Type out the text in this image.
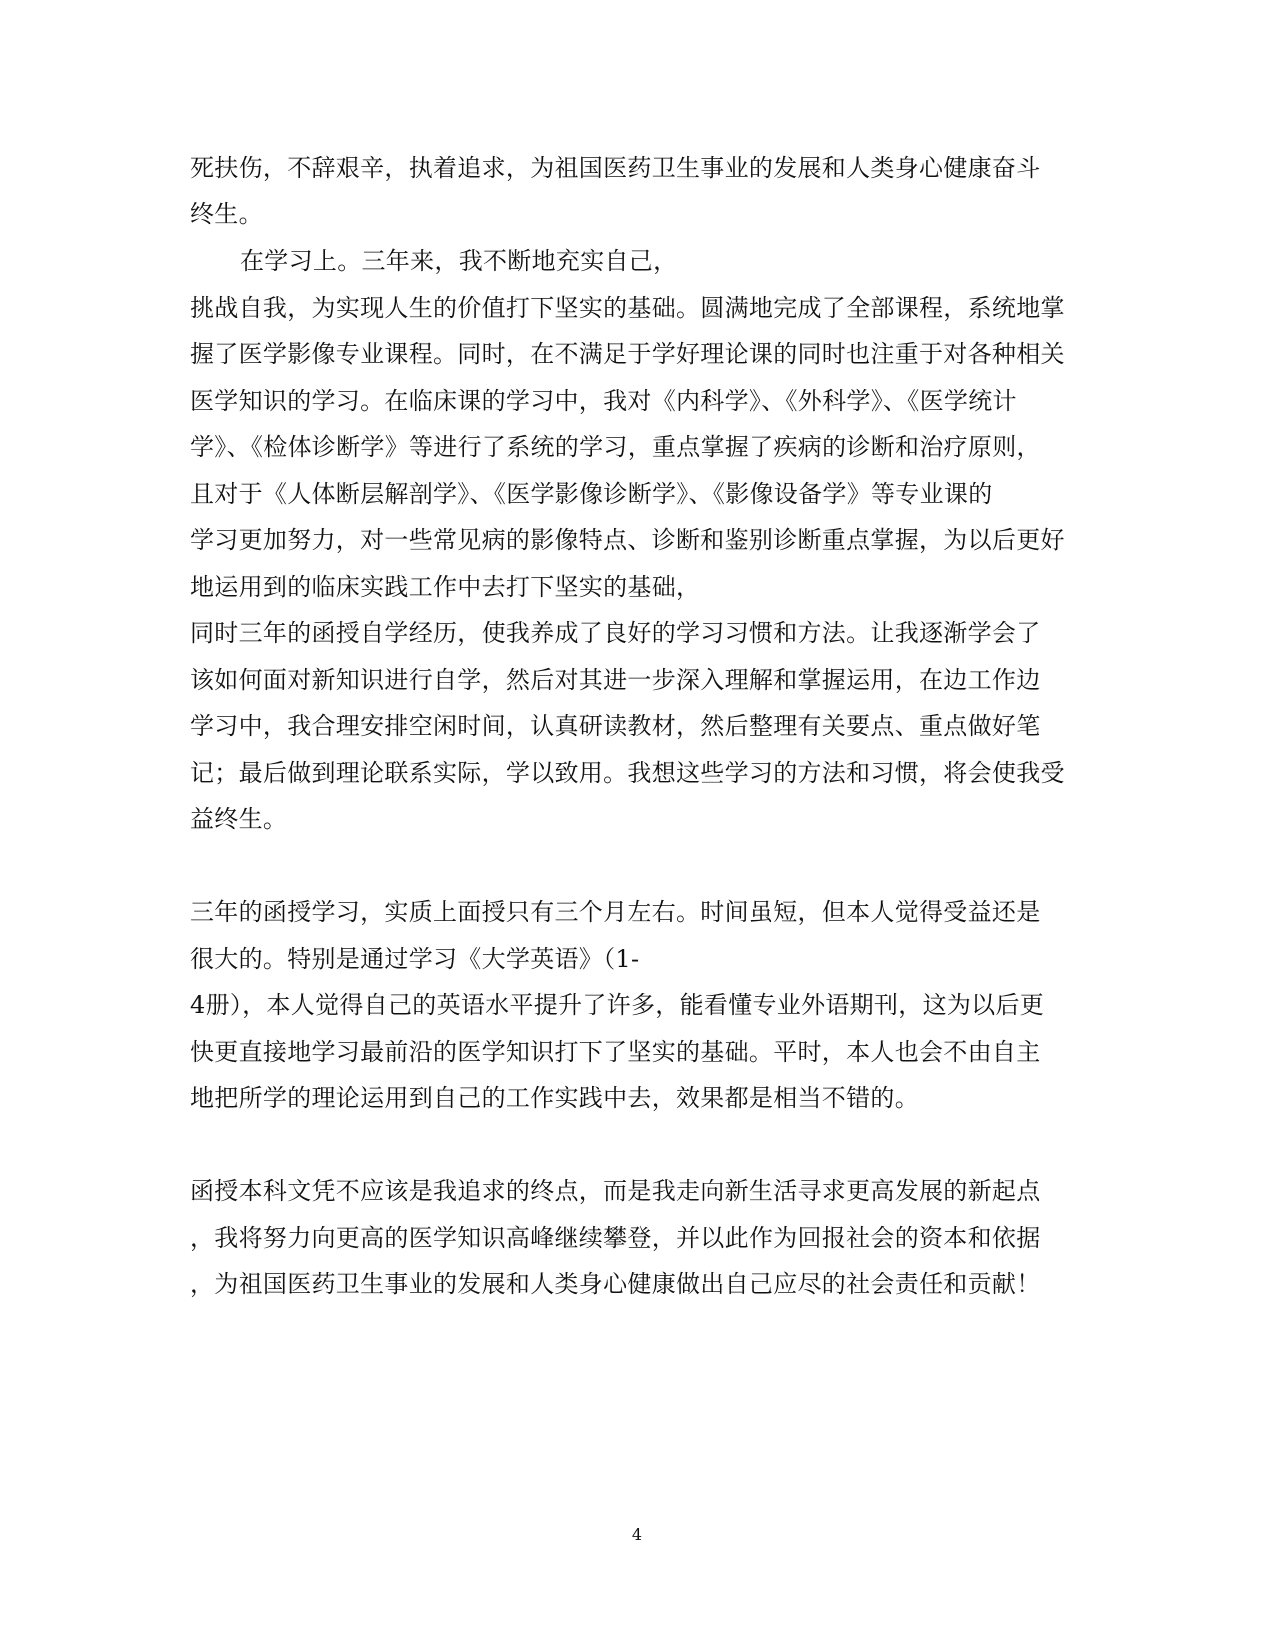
死扶伤，不辞艰辛，执着追求，为祖国医药卫生事业的发展和人类身心健康奋斗
终生。
在学习上。三年来，我不断地充实自己，
挑战自我，为实现人生的价值打下坚实的基础。圆满地完成了全部课程，系统地掌
握了医学影像专业课程。同时，在不满足于学好理论课的同时也注重于对各种相关
医学知识的学习。在临床课的学习中，我对《内科学》、《外科学》、《医学统计
学》、《检体诊断学》等进行了系统的学习，重点掌握了疾病的诊断和治疗原则，
且对于《人体断层解剖学》、《医学影像诊断学》、《影像设备学》等专业课的
学习更加努力，对一些常见病的影像特点、诊断和鉴别诊断重点掌握，为以后更好
地运用到的临床实践工作中去打下坚实的基础，
同时三年的函授自学经历，使我养成了良好的学习习惯和方法。让我逐渐学会了
该如何面对新知识进行自学，然后对其进一步深入理解和掌握运用，在边工作边
学习中，我合理安排空闲时间，认真研读教材，然后整理有关要点、重点做好笔
记；最后做到理论联系实际，学以致用。我想这些学习的方法和习惯，将会使我受
益终生。
三年的函授学习，实质上面授只有三个月左右。时间虽短，但本人觉得受益还是
很大的。特别是通过学习《大学英语》（1-
4册），本人觉得自己的英语水平提升了许多，能看懂专业外语期刊，这为以后更
快更直接地学习最前沿的医学知识打下了坚实的基础。平时，本人也会不由自主
地把所学的理论运用到自己的工作实践中去，效果都是相当不错的。
函授本科文凭不应该是我追求的终点，而是我走向新生活寻求更高发展的新起点
，我将努力向更高的医学知识高峰继续攀登，并以此作为回报社会的资本和依据
，为祖国医药卫生事业的发展和人类身心健康做出自己应尽的社会责任和贡献！
4
